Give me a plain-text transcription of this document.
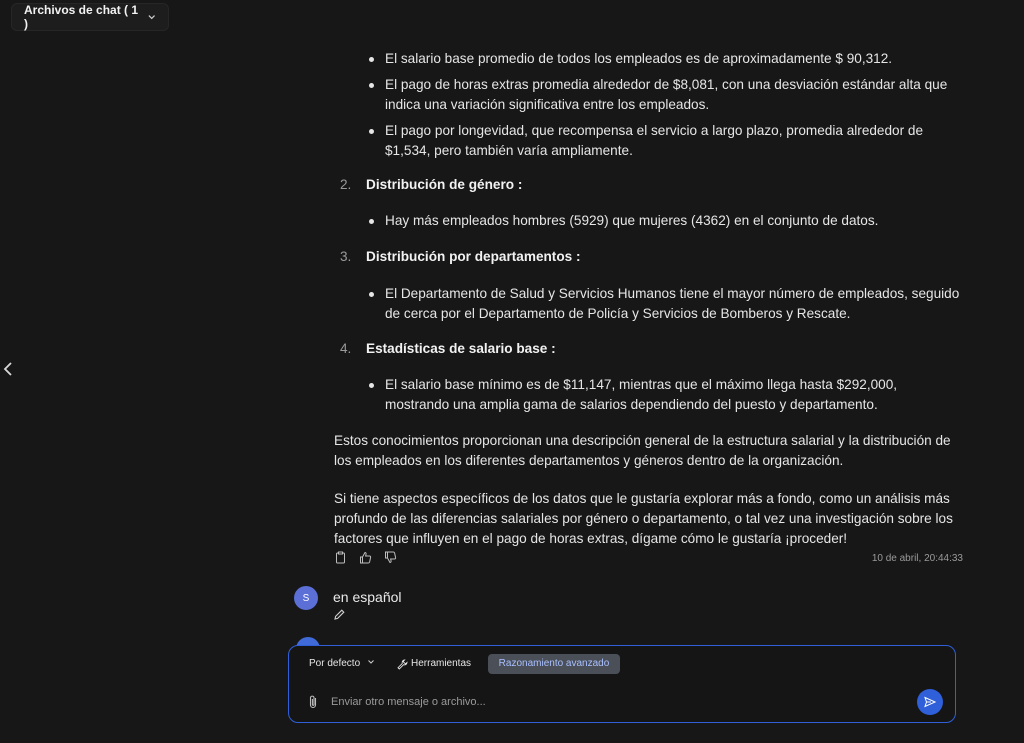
Archivos de chat ( 1 )
El salario base promedio de todos los empleados es de aproximadamente $ 90,312.
El pago de horas extras promedia alrededor de $8,081, con una desviación estándar alta que indica una variación significativa entre los empleados.
El pago por longevidad, que recompensa el servicio a largo plazo, promedia alrededor de $1,534, pero también varía ampliamente.
2. Distribución de género :
Hay más empleados hombres (5929) que mujeres (4362) en el conjunto de datos.
3. Distribución por departamentos :
El Departamento de Salud y Servicios Humanos tiene el mayor número de empleados, seguido de cerca por el Departamento de Policía y Servicios de Bomberos y Rescate.
4. Estadísticas de salario base :
El salario base mínimo es de $11,147, mientras que el máximo llega hasta $292,000, mostrando una amplia gama de salarios dependiendo del puesto y departamento.
Estos conocimientos proporcionan una descripción general de la estructura salarial y la distribución de los empleados en los diferentes departamentos y géneros dentro de la organización.
Si tiene aspectos específicos de los datos que le gustaría explorar más a fondo, como un análisis más profundo de las diferencias salariales por género o departamento, o tal vez una investigación sobre los factores que influyen en el pago de horas extras, dígame cómo le gustaría ¡proceder!
10 de abril, 20:44:33
S	en español
Por defecto	Herramientas	Razonamiento avanzado
Enviar otro mensaje o archivo...
